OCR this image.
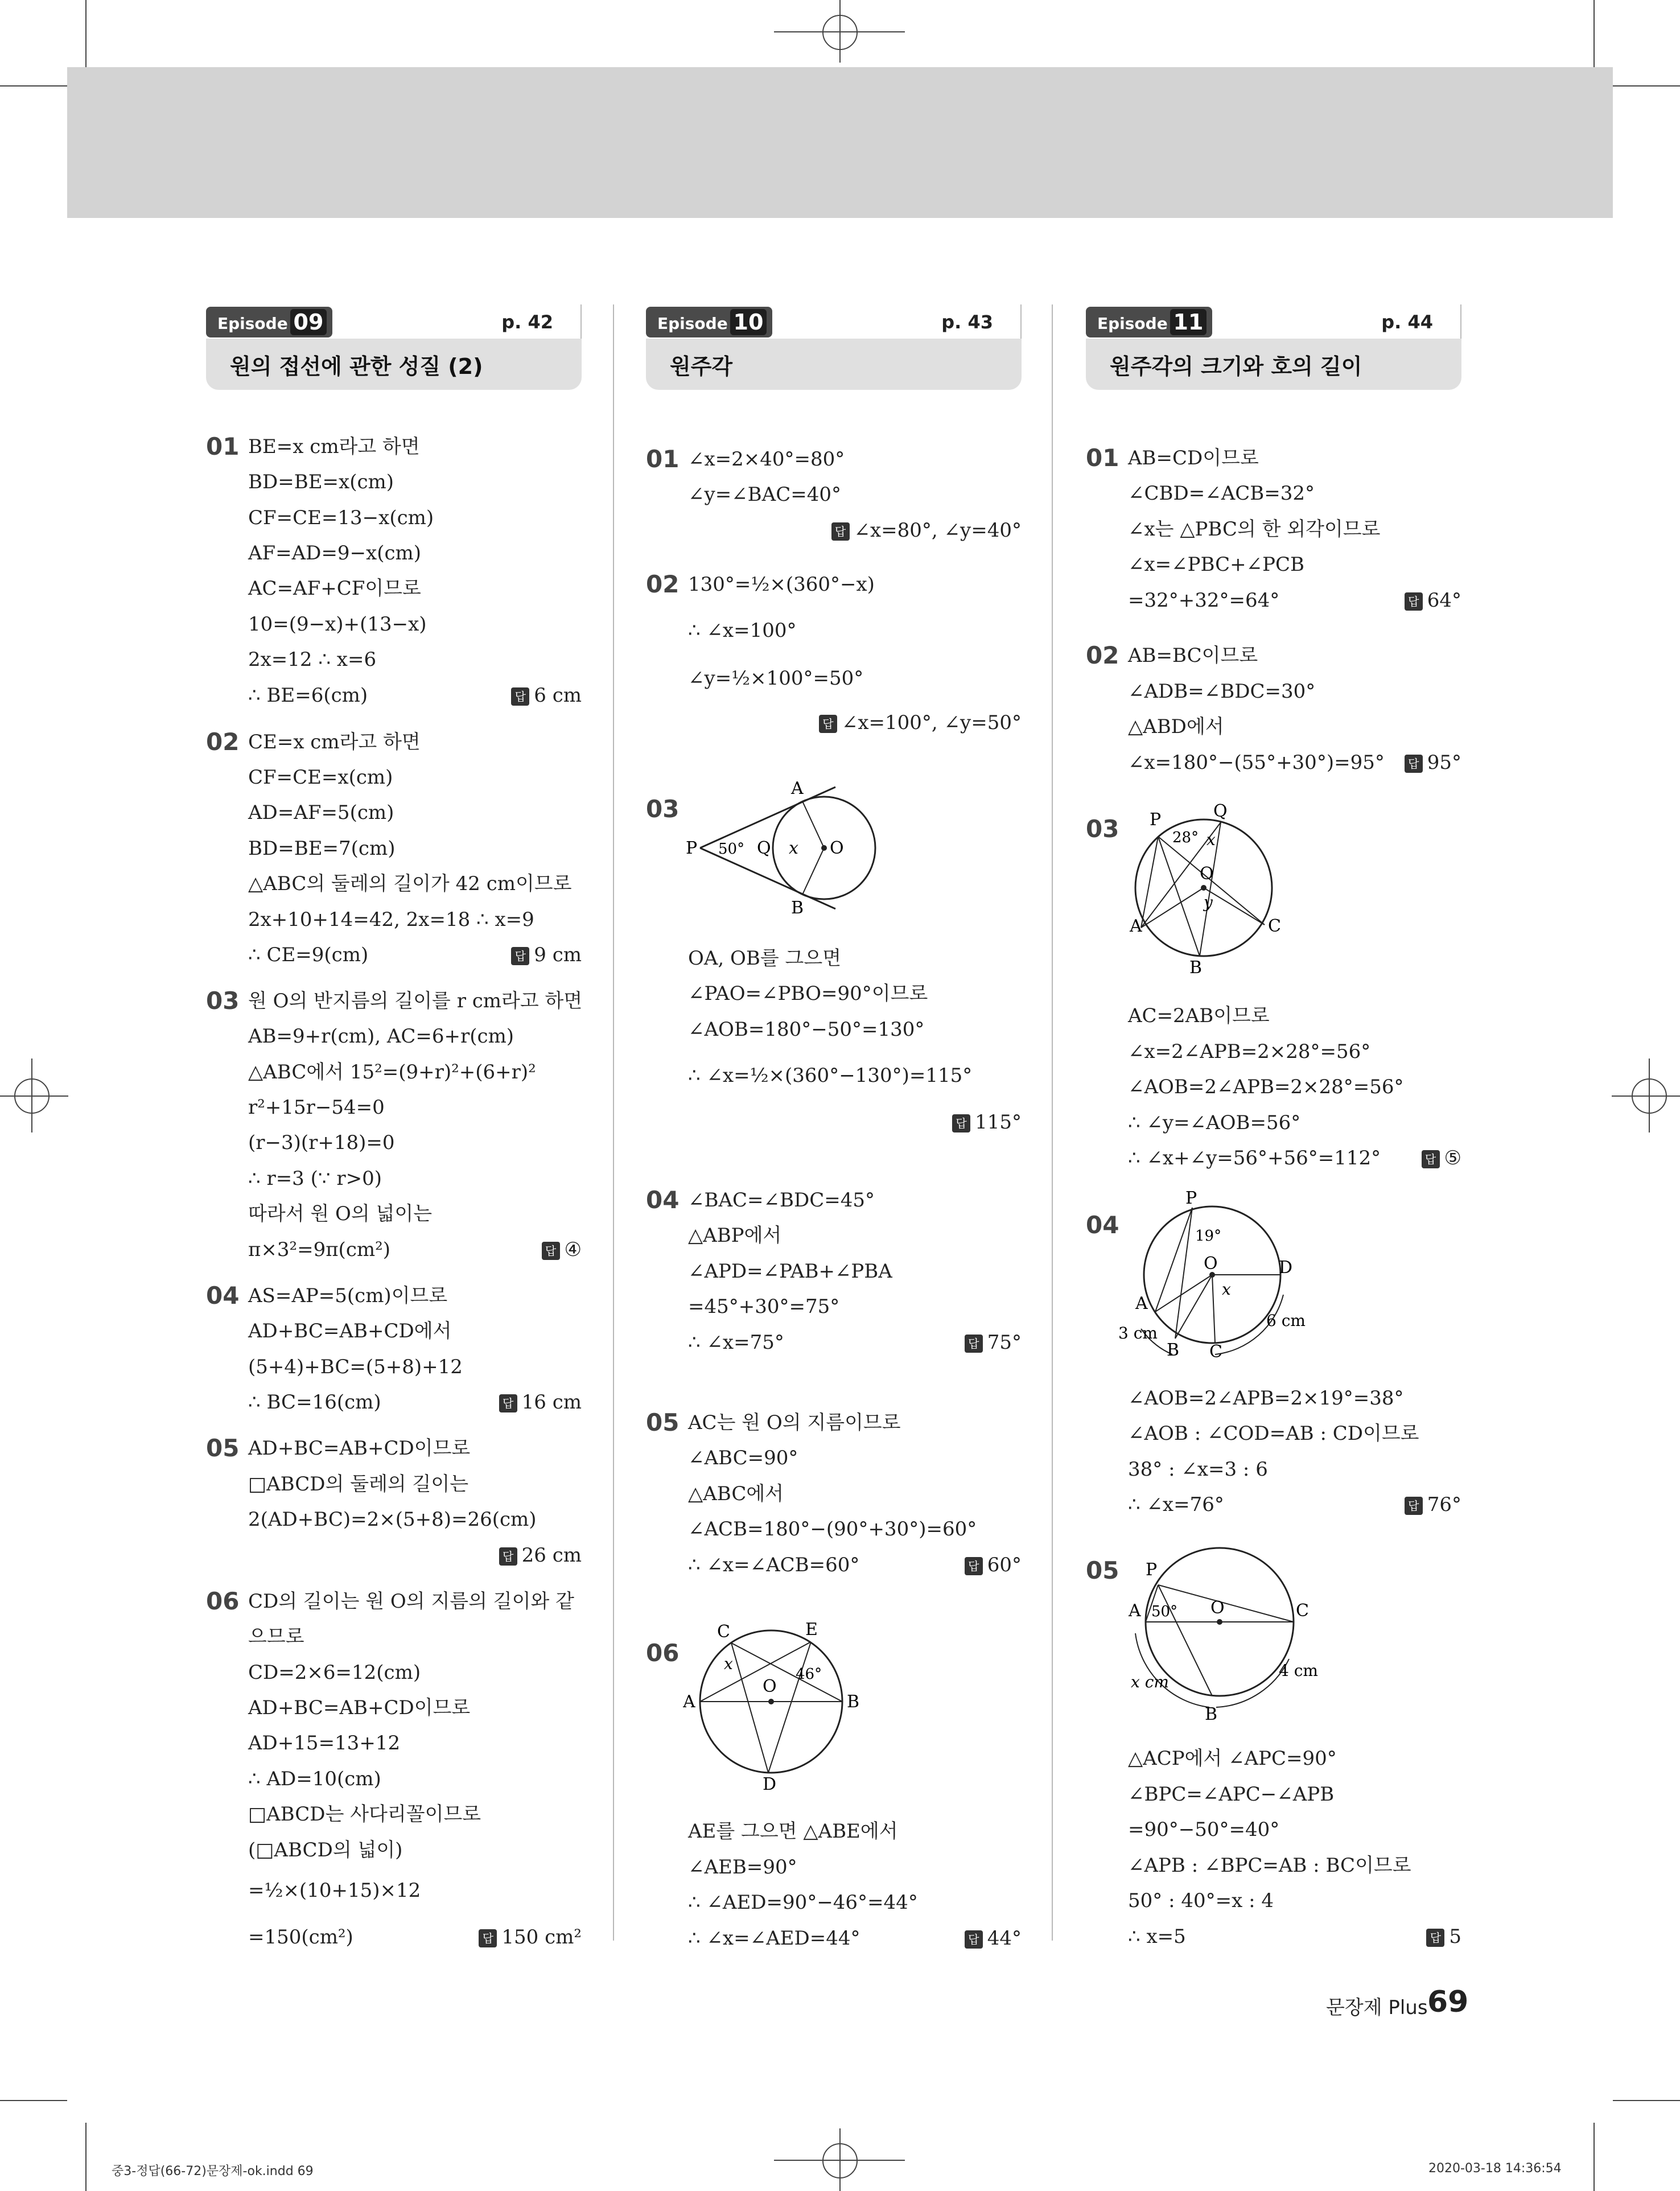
Episode 09	p. 42
원의 접선에 관한 성질 (2)
01 BE=x cm라고 하면
BD=BE=x(cm)
CF=CE=13−x(cm)
AF=AD=9−x(cm)
AC=AF+CF이므로
10=(9−x)+(13−x)
2x=12 ∴ x=6
∴ BE=6(cm)	답 6 cm
02 CE=x cm라고 하면
CF=CE=x(cm)
AD=AF=5(cm)
BD=BE=7(cm)
△ABC의 둘레의 길이가 42 cm이므로
2x+10+14=42, 2x=18 ∴ x=9
∴ CE=9(cm)	답 9 cm
03 원 O의 반지름의 길이를 r cm라고 하면
AB=9+r(cm), AC=6+r(cm)
△ABC에서 15²=(9+r)²+(6+r)²
r²+15r−54=0
(r−3)(r+18)=0
∴ r=3 (∵ r>0)
따라서 원 O의 넓이는
π×3²=9π(cm²)	답 ④
04 AS=AP=5(cm)이므로
AD+BC=AB+CD에서
(5+4)+BC=(5+8)+12
∴ BC=16(cm)	답 16 cm
05 AD+BC=AB+CD이므로
□ABCD의 둘레의 길이는
2(AD+BC)=2×(5+8)=26(cm)
답 26 cm
06 CD의 길이는 원 O의 지름의 길이와 같
으므로
CD=2×6=12(cm)
AD+BC=AB+CD이므로
AD+15=13+12
∴ AD=10(cm)
□ABCD는 사다리꼴이므로
(□ABCD의 넓이)
=½×(10+15)×12
=150(cm²)	답 150 cm²
Episode 10	p. 43
원주각
01 ∠x=2×40°=80°
∠y=∠BAC=40°
답 ∠x=80°, ∠y=40°
02 130°=½×(360°−x)
∴ ∠x=100°
∠y=½×100°=50°
답 ∠x=100°, ∠y=50°
03
OA, OB를 그으면
∠PAO=∠PBO=90°이므로
∠AOB=180°−50°=130°
∴ ∠x=½×(360°−130°)=115°
답 115°
04 ∠BAC=∠BDC=45°
△ABP에서
∠APD=∠PAB+∠PBA
=45°+30°=75°
∴ ∠x=75°	답 75°
05 AC는 원 O의 지름이므로
∠ABC=90°
△ABC에서
∠ACB=180°−(90°+30°)=60°
∴ ∠x=∠ACB=60°	답 60°
06
AE를 그으면 △ABE에서
∠AEB=90°
∴ ∠AED=90°−46°=44°
∴ ∠x=∠AED=44°	답 44°
Episode 11	p. 44
원주각의 크기와 호의 길이
01 AB=CD이므로
∠CBD=∠ACB=32°
∠x는 △PBC의 한 외각이므로
∠x=∠PBC+∠PCB
=32°+32°=64°	답 64°
02 AB=BC이므로
∠ADB=∠BDC=30°
△ABD에서
∠x=180°−(55°+30°)=95°	답 95°
03
AC=2AB이므로
∠x=2∠APB=2×28°=56°
∠AOB=2∠APB=2×28°=56°
∴ ∠y=∠AOB=56°
∴ ∠x+∠y=56°+56°=112°	답 ⑤
04
∠AOB=2∠APB=2×19°=38°
∠AOB : ∠COD=AB : CD이므로
38° : ∠x=3 : 6
∴ ∠x=76°	답 76°
05
△ACP에서 ∠APC=90°
∠BPC=∠APC−∠APB
=90°−50°=40°
∠APB : ∠BPC=AB : BC이므로
50° : 40°=x : 4
∴ x=5	답 5
P 50° Q x O
A
B
C	E
x
46°
A
O
B
D
P	Q
28° x
O
y
A	C
B
P
19°
O	D
x
A
6 cm
3 cm
B C
P
A 50° O	C
4 cm
x cm
B
문장제 Plus 69
중3-정답(66-72)문장제-ok.indd 69	2020-03-18 14:36:54
